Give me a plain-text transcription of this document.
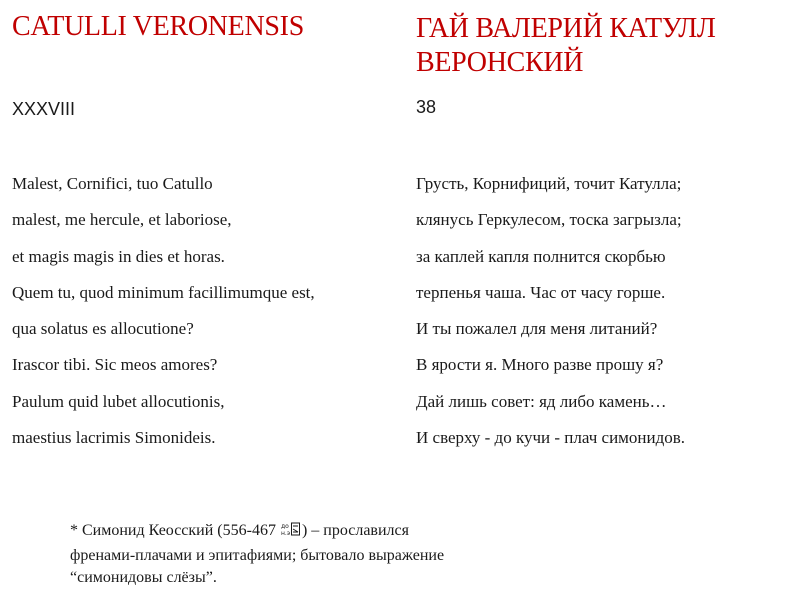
CATULLI VERONENSIS
XXXVIII
Malest, Cornifici, tuo Catullo
malest, me hercule, et laboriose,
et magis magis in dies et horas.
Quem tu, quod minimum facillimumque est,
qua solatus es allocutione?
Irascor tibi. Sic meos amores?
Paulum quid lubet allocutionis,
maestius lacrimis Simonideis.
ГАЙ ВАЛЕРИЙ КАТУЛЛ ВЕРОНСКИЙ
38
Грусть, Корнифиций, точит Катулла;
клянусь Геркулесом, тоска загрызла;
за каплей капля полнится скорбью
терпенья чаша. Час от часу горше.
И ты пожалел для меня литаний?
В ярости я. Много разве прошу я?
Дай лишь совет: яд либо камень…
И сверху - до кучи - плач симонидов.
* Симонид Кеосский (556-467 до
н.э ) – прославился
френами-плачами и эпитафиями; бытовало выражение
“симонидовы слёзы”.
